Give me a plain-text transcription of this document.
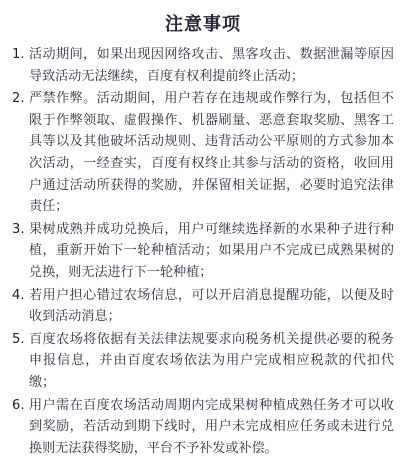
注意事项
1. 活动期间，如果出现因网络攻击、黑客攻击、数据泄漏等原因导致活动无法继续，百度有权利提前终止活动；
2. 严禁作弊。活动期间，用户若存在违规或作弊行为，包括但不限于作弊领取、虚假操作、机器刷量、恶意套取奖励、黑客工具等以及其他破坏活动规则、违背活动公平原则的方式参加本次活动，一经查实，百度有权终止其参与活动的资格，收回用户通过活动所获得的奖励，并保留相关证据，必要时追究法律责任；
3. 果树成熟并成功兑换后，用户可继续选择新的水果种子进行种植，重新开始下一轮种植活动；如果用户不完成已成熟果树的兑换，则无法进行下一轮种植；
4. 若用户担心错过农场信息，可以开启消息提醒功能，以便及时收到活动消息；
5. 百度农场将依据有关法律法规要求向税务机关提供必要的税务申报信息，并由百度农场依法为用户完成相应税款的代扣代缴；
6. 用户需在百度农场活动周期内完成果树种植成熟任务才可以收到奖励，若活动到期下线时，用户未完成相应任务或未进行兑换则无法获得奖励，平台不予补发或补偿。
